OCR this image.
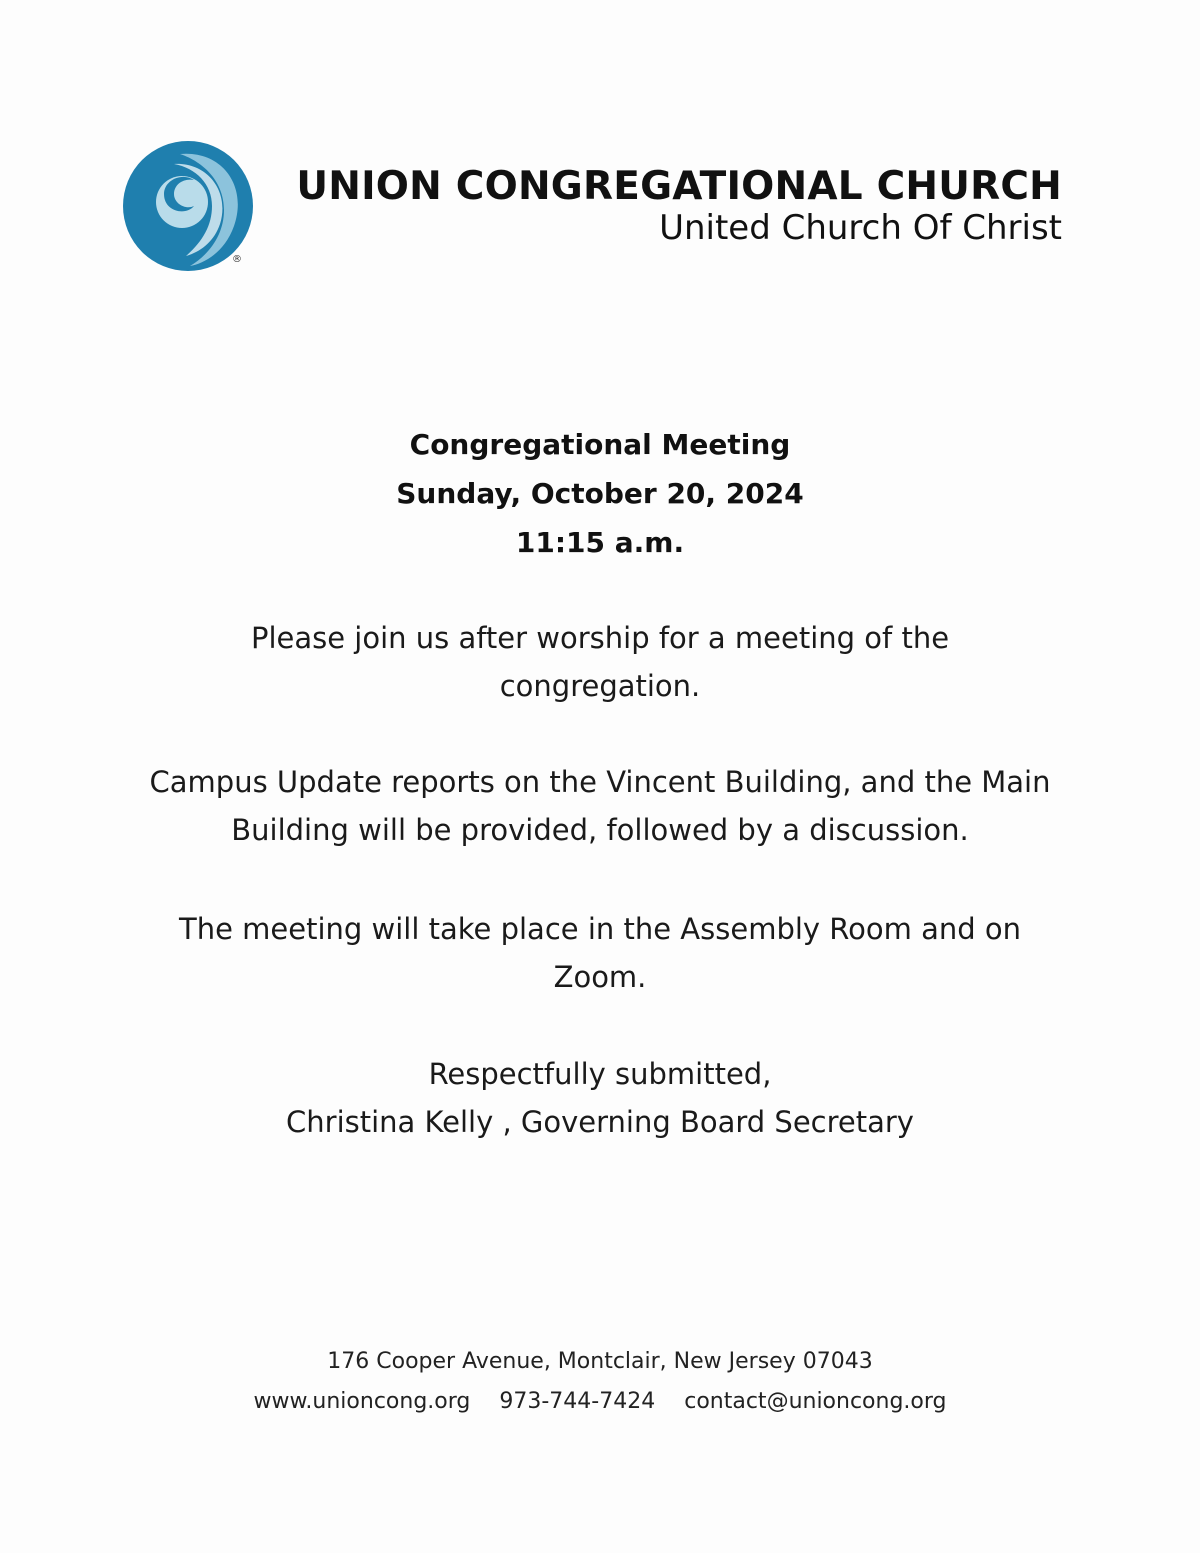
®
UNION CONGREGATIONAL CHURCH
United Church Of Christ
Congregational Meeting
Sunday, October 20, 2024
11:15 a.m.
Please join us after worship for a meeting of the
congregation.
Campus Update reports on the Vincent Building, and the Main
Building will be provided, followed by a discussion.
The meeting will take place in the Assembly Room and on
Zoom.
Respectfully submitted,
Christina Kelly , Governing Board Secretary
176 Cooper Avenue, Montclair, New Jersey 07043
www.unioncong.org 973-744-7424 contact@unioncong.org
